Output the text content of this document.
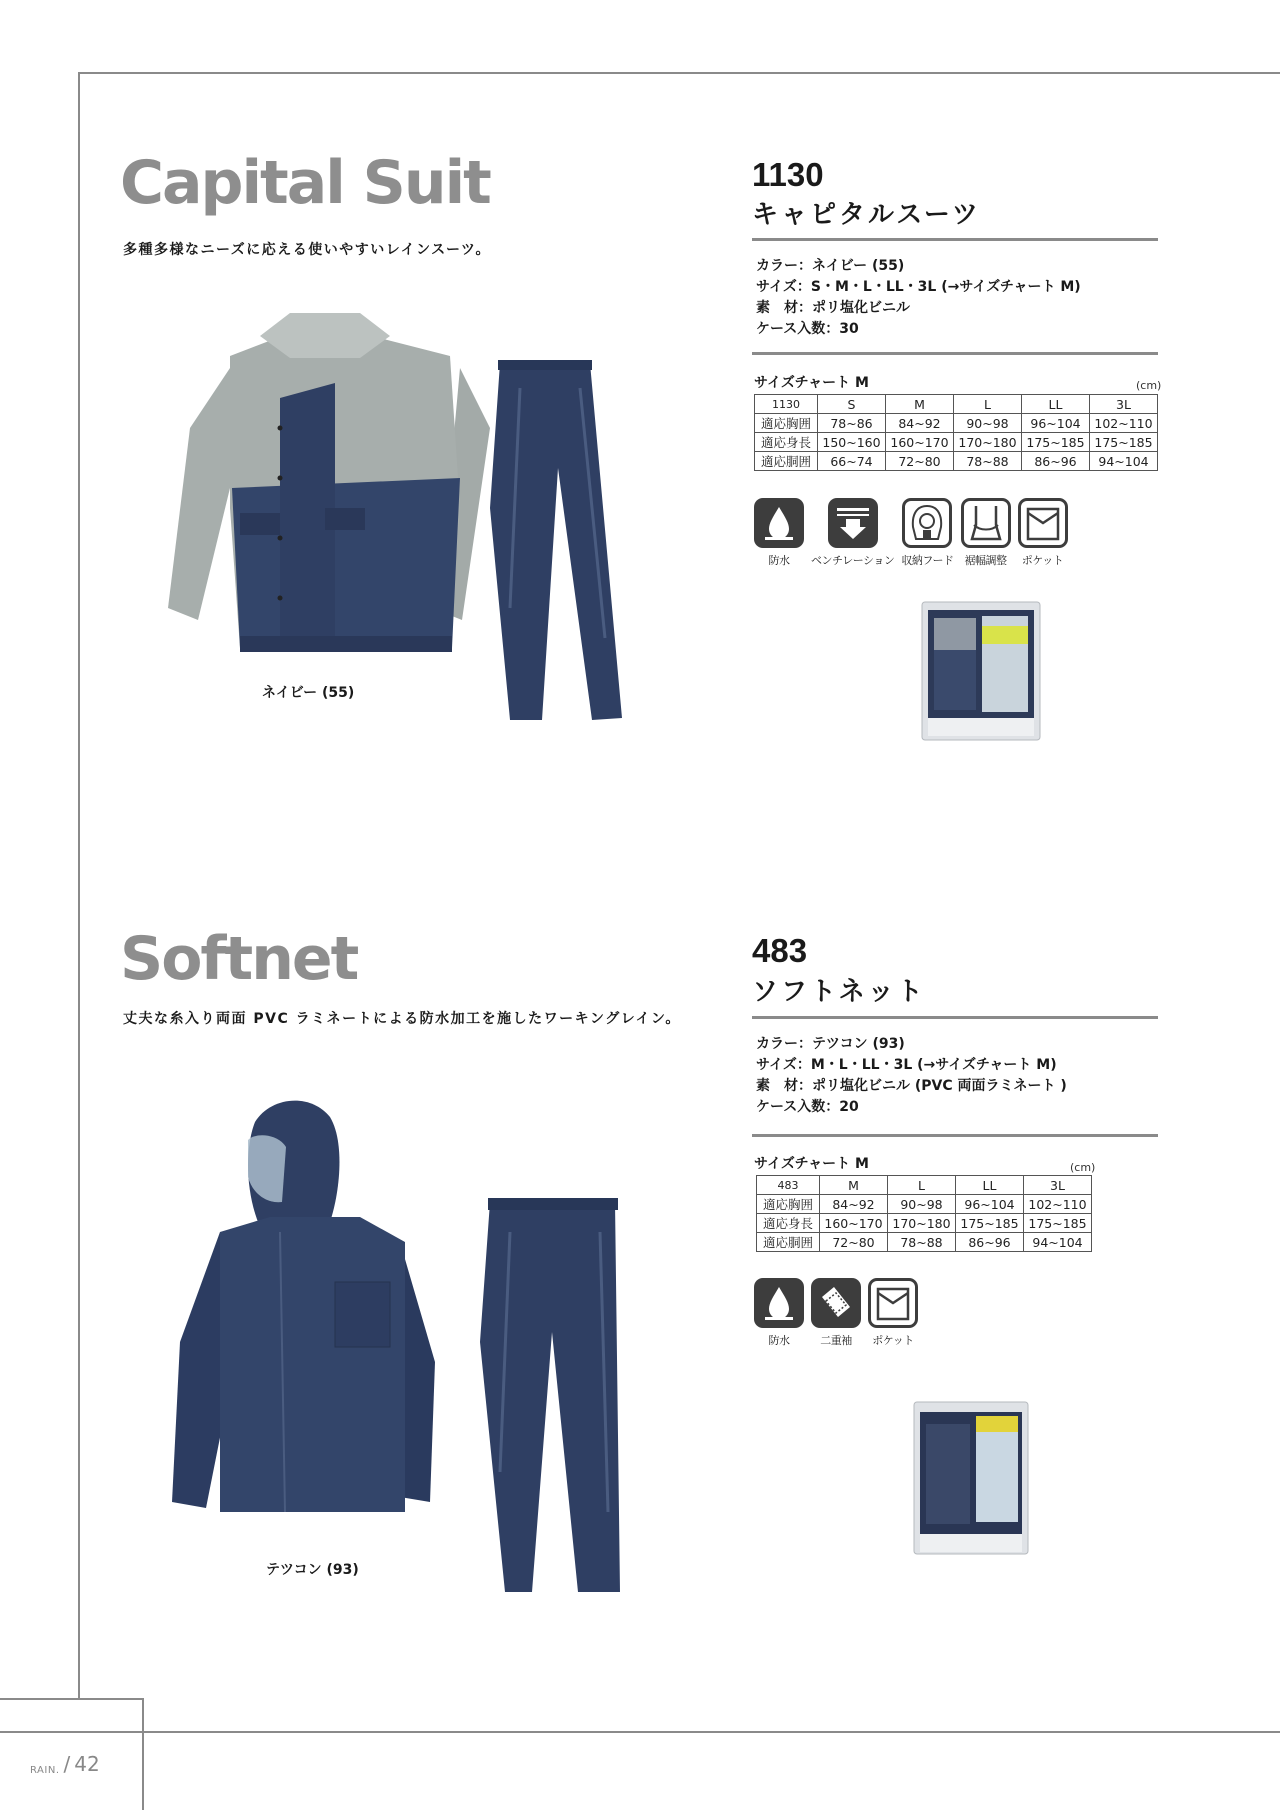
RAIN. / 42
Capital Suit
多種多様なニーズに応える使いやすいレインスーツ。
1130
キャピタルスーツ
カラー：ネイビー (55)
サイズ：S・M・L・LL・3L (→サイズチャート M)
素　材：ポリ塩化ビニル
ケース入数：30
サイズチャート M	(cm)
1130	S	M	L	LL	3L
適応胸囲	78~86	84~92	90~98	96~104	102~110
適応身長	150~160	160~170	170~180	175~185	175~185
適応胴囲	66~74	72~80	78~88	86~96	94~104
防水 ベンチレーション 収納フード 裾幅調整 ポケット
ネイビー (55)
Softnet
丈夫な糸入り両面 PVC ラミネートによる防水加工を施したワーキングレイン。
483
ソフトネット
カラー：テツコン (93)
サイズ：M・L・LL・3L (→サイズチャート M)
素　材：ポリ塩化ビニル (PVC 両面ラミネート )
ケース入数：20
サイズチャート M	(cm)
483	M	L	LL	3L
適応胸囲	84~92	90~98	96~104	102~110
適応身長	160~170	170~180	175~185	175~185
適応胴囲	72~80	78~88	86~96	94~104
防水	二重袖 ポケット
テツコン (93)
